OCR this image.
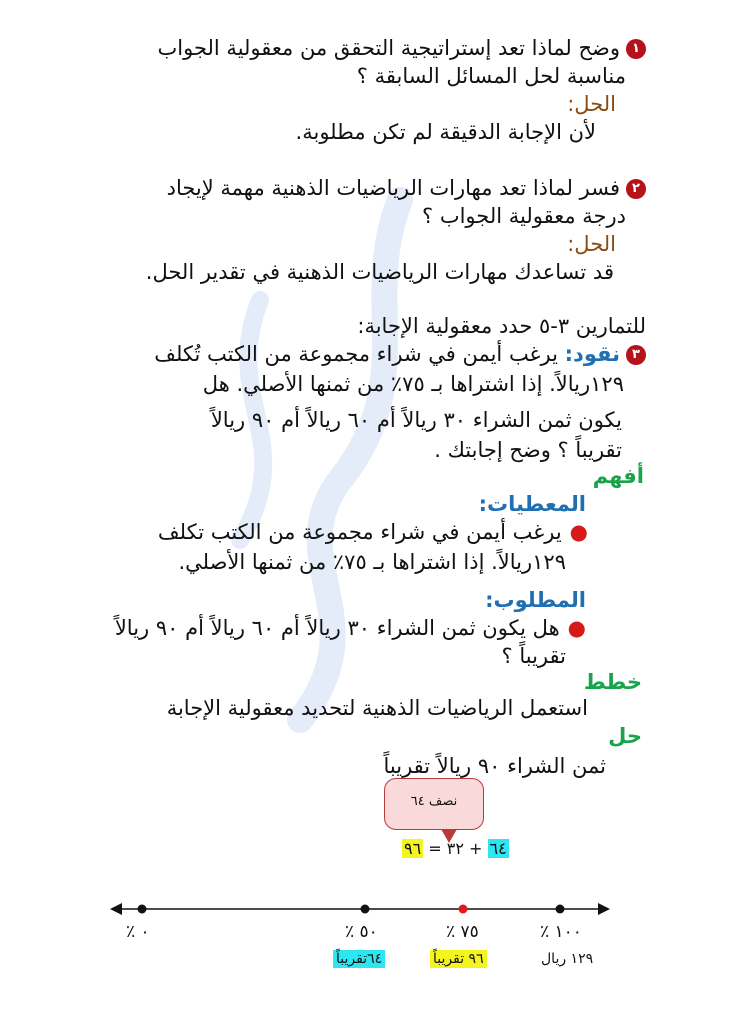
١وضح لماذا تعد إستراتيجية التحقق من معقولية الجواب
مناسبة لحل المسائل السابقة ؟
الحل:
لأن الإجابة الدقيقة لم تكن مطلوبة.
٢فسر لماذا تعد مهارات الرياضيات الذهنية مهمة لإيجاد
درجة معقولية الجواب ؟
الحل:
قد تساعدك مهارات الرياضيات الذهنية في تقدير الحل.
للتمارين ٣-٥ حدد معقولية الإجابة:
٣نقود: يرغب أيمن في شراء مجموعة من الكتب تُكلف
١٢٩ريالاً. إذا اشتراها بـ ٧٥٪ من ثمنها الأصلي. هل
يكون ثمن الشراء ٣٠ ريالاً أم ٦٠ ريالاً أم ٩٠ ريالاً
تقريباً ؟ وضح إجابتك .
أفهم
المعطيات:
●يرغب أيمن في شراء مجموعة من الكتب تكلف
١٢٩ريالاً. إذا اشتراها بـ ٧٥٪ من ثمنها الأصلي.
المطلوب:
●هل يكون ثمن الشراء ٣٠ ريالاً أم ٦٠ ريالاً أم ٩٠ ريالاً
تقريباً ؟
خطط
استعمل الرياضيات الذهنية لتحديد معقولية الإجابة
حل
ثمن الشراء ٩٠ ريالاً تقريباً
نصف ٦٤
٦٤ + ٣٢ = ٩٦
٠ ٪	٥٠ ٪	٧٥ ٪	١٠٠ ٪
٦٤تقريباً	٩٦ تقريباً	١٢٩ ريال
